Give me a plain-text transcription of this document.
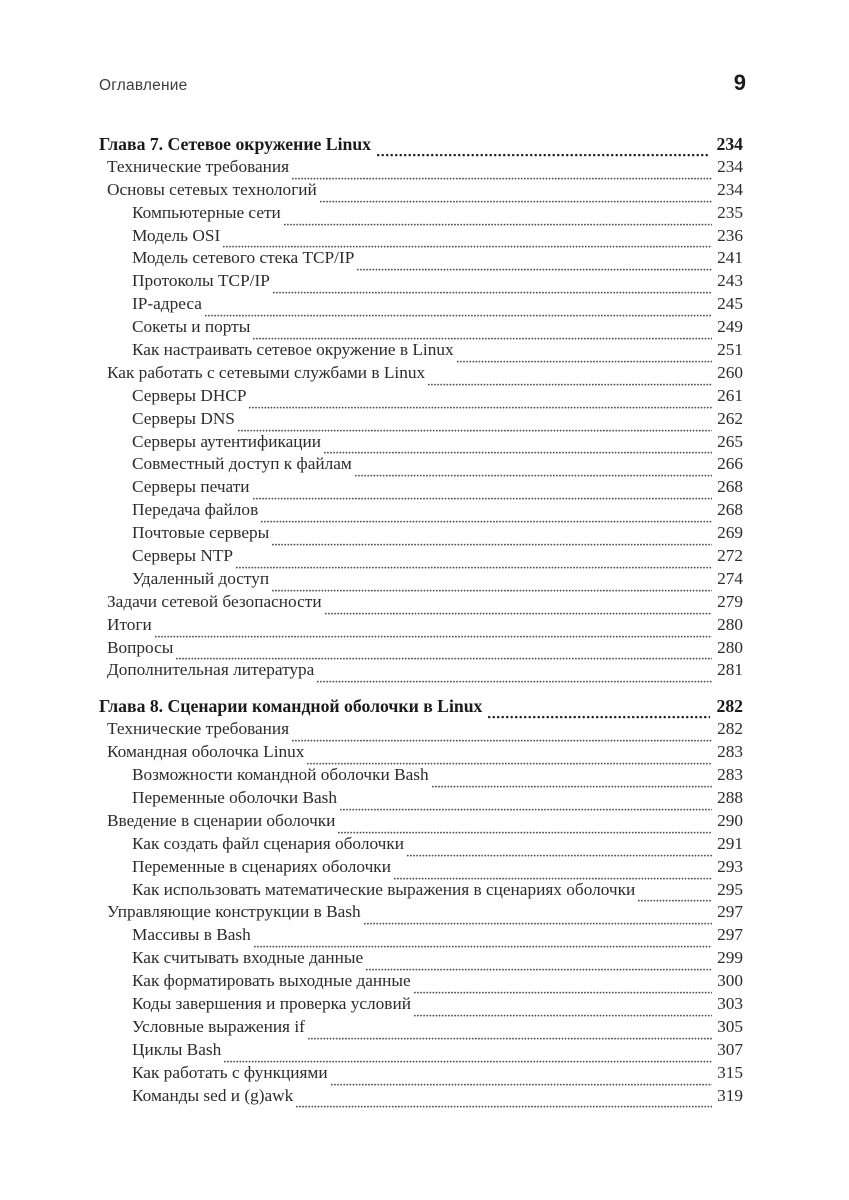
Оглавление	9
Глава 7. Сетевое окружение Linux	234
Технические требования	234
Основы сетевых технологий	234
Компьютерные сети	235
Модель OSI	236
Модель сетевого стека TCP/IP	241
Протоколы TCP/IP	243
IP-адреса	245
Сокеты и порты	249
Как настраивать сетевое окружение в Linux	251
Как работать с сетевыми службами в Linux	260
Серверы DHCP	261
Серверы DNS	262
Серверы аутентификации	265
Совместный доступ к файлам	266
Серверы печати	268
Передача файлов	268
Почтовые серверы	269
Серверы NTP	272
Удаленный доступ	274
Задачи сетевой безопасности	279
Итоги	280
Вопросы	280
Дополнительная литература	281
Глава 8. Сценарии командной оболочки в Linux	282
Технические требования	282
Командная оболочка Linux	283
Возможности командной оболочки Bash	283
Переменные оболочки Bash	288
Введение в сценарии оболочки	290
Как создать файл сценария оболочки	291
Переменные в сценариях оболочки	293
Как использовать математические выражения в сценариях оболочки	295
Управляющие конструкции в Bash	297
Массивы в Bash	297
Как считывать входные данные	299
Как форматировать выходные данные	300
Коды завершения и проверка условий	303
Условные выражения if	305
Циклы Bash	307
Как работать с функциями	315
Команды sed и (g)awk	319
